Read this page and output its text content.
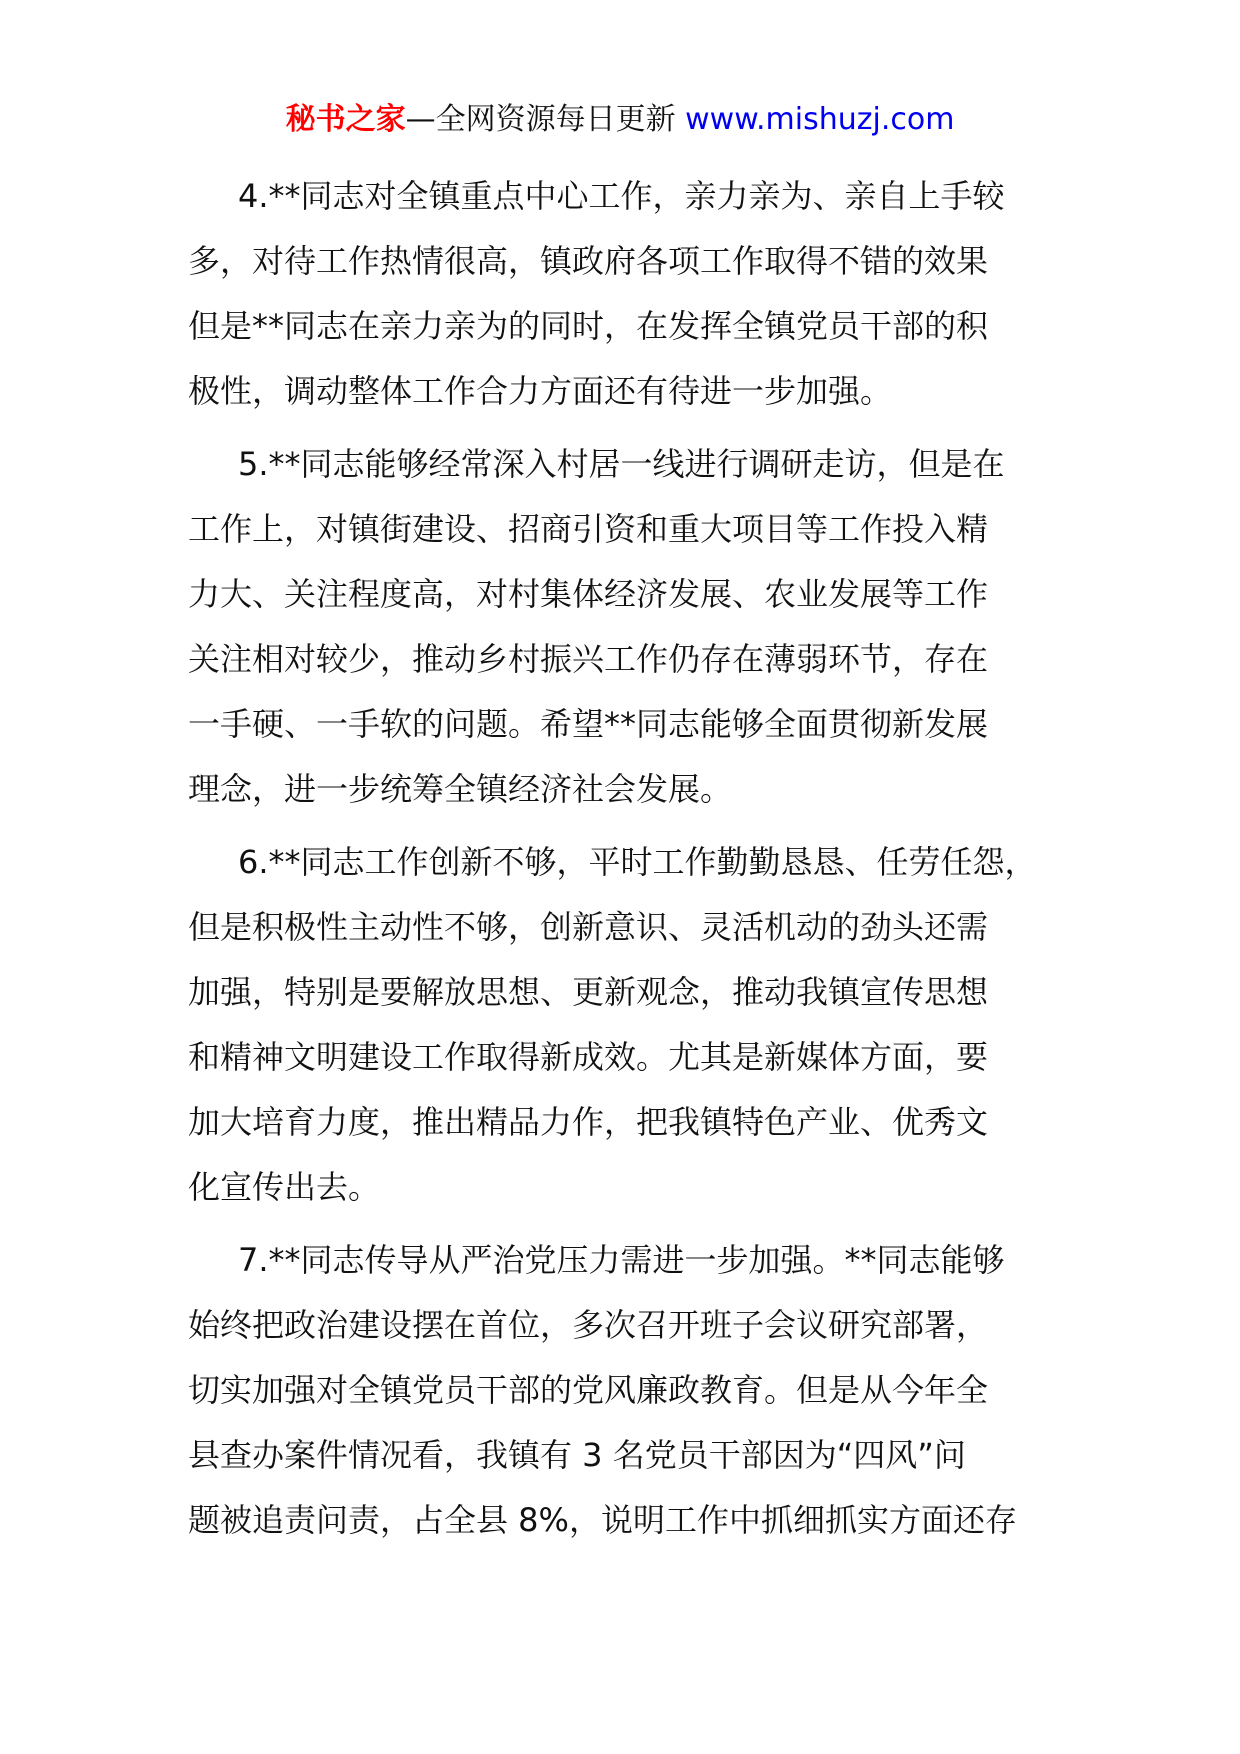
秘书之家—全网资源每日更新 www.mishuzj.com
4.**同志对全镇重点中心工作，亲力亲为、亲自上手较
多，对待工作热情很高，镇政府各项工作取得不错的效果
但是**同志在亲力亲为的同时，在发挥全镇党员干部的积
极性，调动整体工作合力方面还有待进一步加强。
5.**同志能够经常深入村居一线进行调研走访，但是在
工作上，对镇街建设、招商引资和重大项目等工作投入精
力大、关注程度高，对村集体经济发展、农业发展等工作
关注相对较少，推动乡村振兴工作仍存在薄弱环节，存在
一手硬、一手软的问题。希望**同志能够全面贯彻新发展
理念，进一步统筹全镇经济社会发展。
6.**同志工作创新不够，平时工作勤勤恳恳、任劳任怨，
但是积极性主动性不够，创新意识、灵活机动的劲头还需
加强，特别是要解放思想、更新观念，推动我镇宣传思想
和精神文明建设工作取得新成效。尤其是新媒体方面，要
加大培育力度，推出精品力作，把我镇特色产业、优秀文
化宣传出去。
7.**同志传导从严治党压力需进一步加强。**同志能够
始终把政治建设摆在首位，多次召开班子会议研究部署，
切实加强对全镇党员干部的党风廉政教育。但是从今年全
县查办案件情况看，我镇有 3 名党员干部因为“四风”问
题被追责问责，占全县 8%，说明工作中抓细抓实方面还存
